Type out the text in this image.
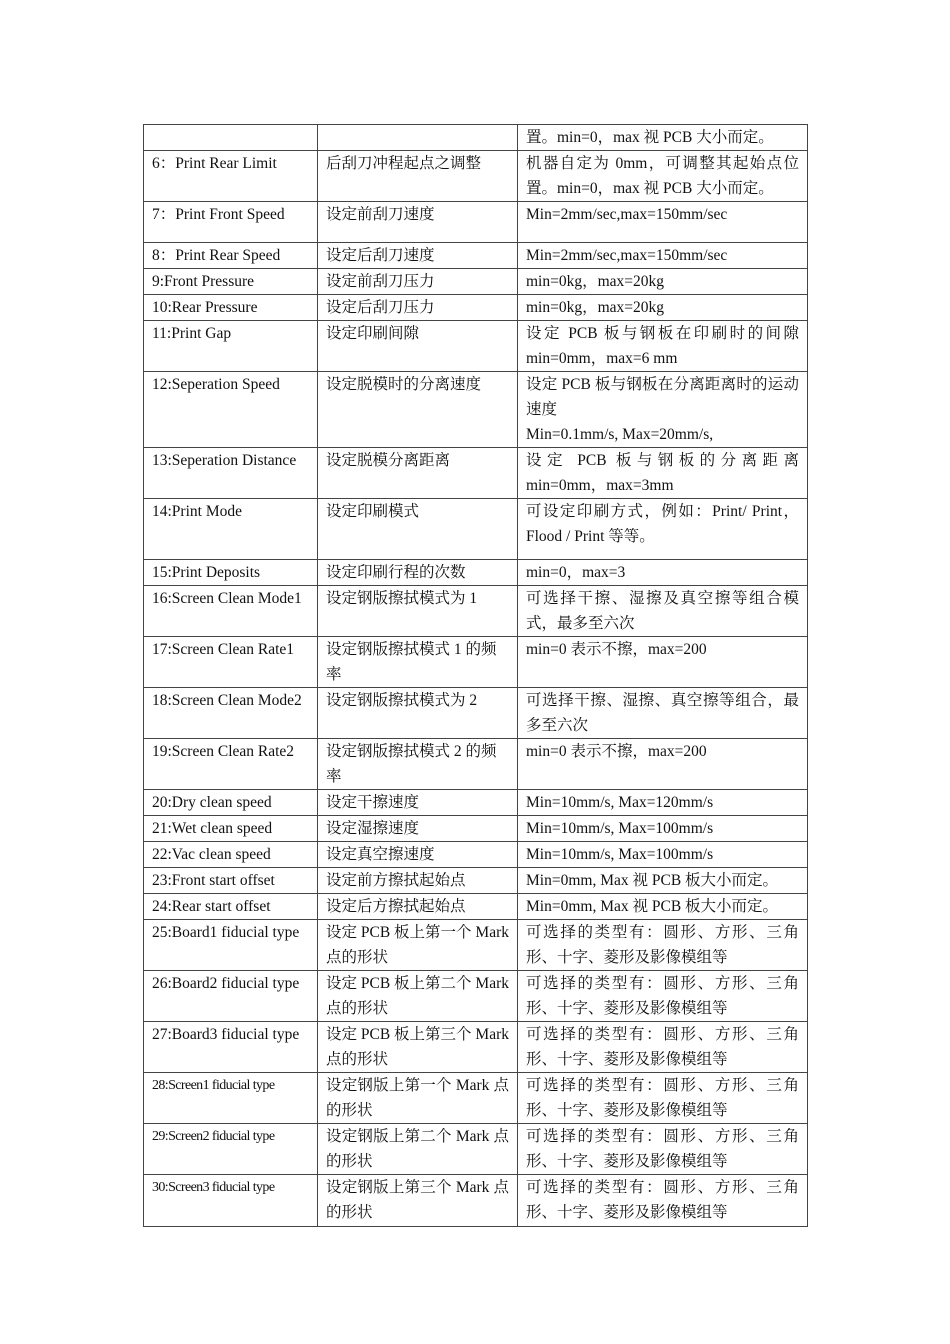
		置。min=0，max 视 PCB 大小而定。
6：Print Rear Limit	后刮刀冲程起点之调整	机器自定为 0mm，可调整其起始点位置。min=0，max 视 PCB 大小而定。
7：Print Front Speed	设定前刮刀速度	Min=2mm/sec,max=150mm/sec
8：Print Rear Speed	设定后刮刀速度	Min=2mm/sec,max=150mm/sec
9:Front Pressure	设定前刮刀压力	min=0kg，max=20kg
10:Rear Pressure	设定后刮刀压力	min=0kg，max=20kg
11:Print Gap	设定印刷间隙	设定 PCB 板与钢板在印刷时的间隙 min=0mm，max=6 mm
12:Seperation Speed	设定脱模时的分离速度	设定 PCB 板与钢板在分离距离时的运动速度
Min=0.1mm/s, Max=20mm/s,

13:Seperation Distance	设定脱模分离距离	设定 PCB 板与钢板的分离距离 min=0mm，max=3mm
14:Print Mode	设定印刷模式	可设定印刷方式，例如：Print/ Print，Flood / Print 等等。
15:Print Deposits	设定印刷行程的次数	min=0，max=3
16:Screen Clean Mode1	设定钢版擦拭模式为 1	可选择干擦、湿擦及真空擦等组合模式，最多至六次
17:Screen Clean Rate1	设定钢版擦拭模式 1 的频率	min=0 表示不擦，max=200
18:Screen Clean Mode2	设定钢版擦拭模式为 2	可选择干擦、湿擦、真空擦等组合，最多至六次
19:Screen Clean Rate2	设定钢版擦拭模式 2 的频率	min=0 表示不擦，max=200
20:Dry clean speed	设定干擦速度	Min=10mm/s, Max=120mm/s
21:Wet clean speed	设定湿擦速度	Min=10mm/s, Max=100mm/s
22:Vac clean speed	设定真空擦速度	Min=10mm/s, Max=100mm/s
23:Front start offset	设定前方擦拭起始点	Min=0mm, Max 视 PCB 板大小而定。
24:Rear start offset	设定后方擦拭起始点	Min=0mm, Max 视 PCB 板大小而定。
25:Board1 fiducial type	设定 PCB 板上第一个 Mark 点的形状	可选择的类型有：圆形、方形、三角形、十字、菱形及影像模组等
26:Board2 fiducial type	设定 PCB 板上第二个 Mark 点的形状	可选择的类型有：圆形、方形、三角形、十字、菱形及影像模组等
27:Board3 fiducial type	设定 PCB 板上第三个 Mark 点的形状	可选择的类型有：圆形、方形、三角形、十字、菱形及影像模组等
28:Screen1 fiducial type	设定钢版上第一个 Mark 点的形状	可选择的类型有：圆形、方形、三角形、十字、菱形及影像模组等
29:Screen2 fiducial type	设定钢版上第二个 Mark 点的形状	可选择的类型有：圆形、方形、三角形、十字、菱形及影像模组等
30:Screen3 fiducial type	设定钢版上第三个 Mark 点的形状	可选择的类型有：圆形、方形、三角形、十字、菱形及影像模组等
